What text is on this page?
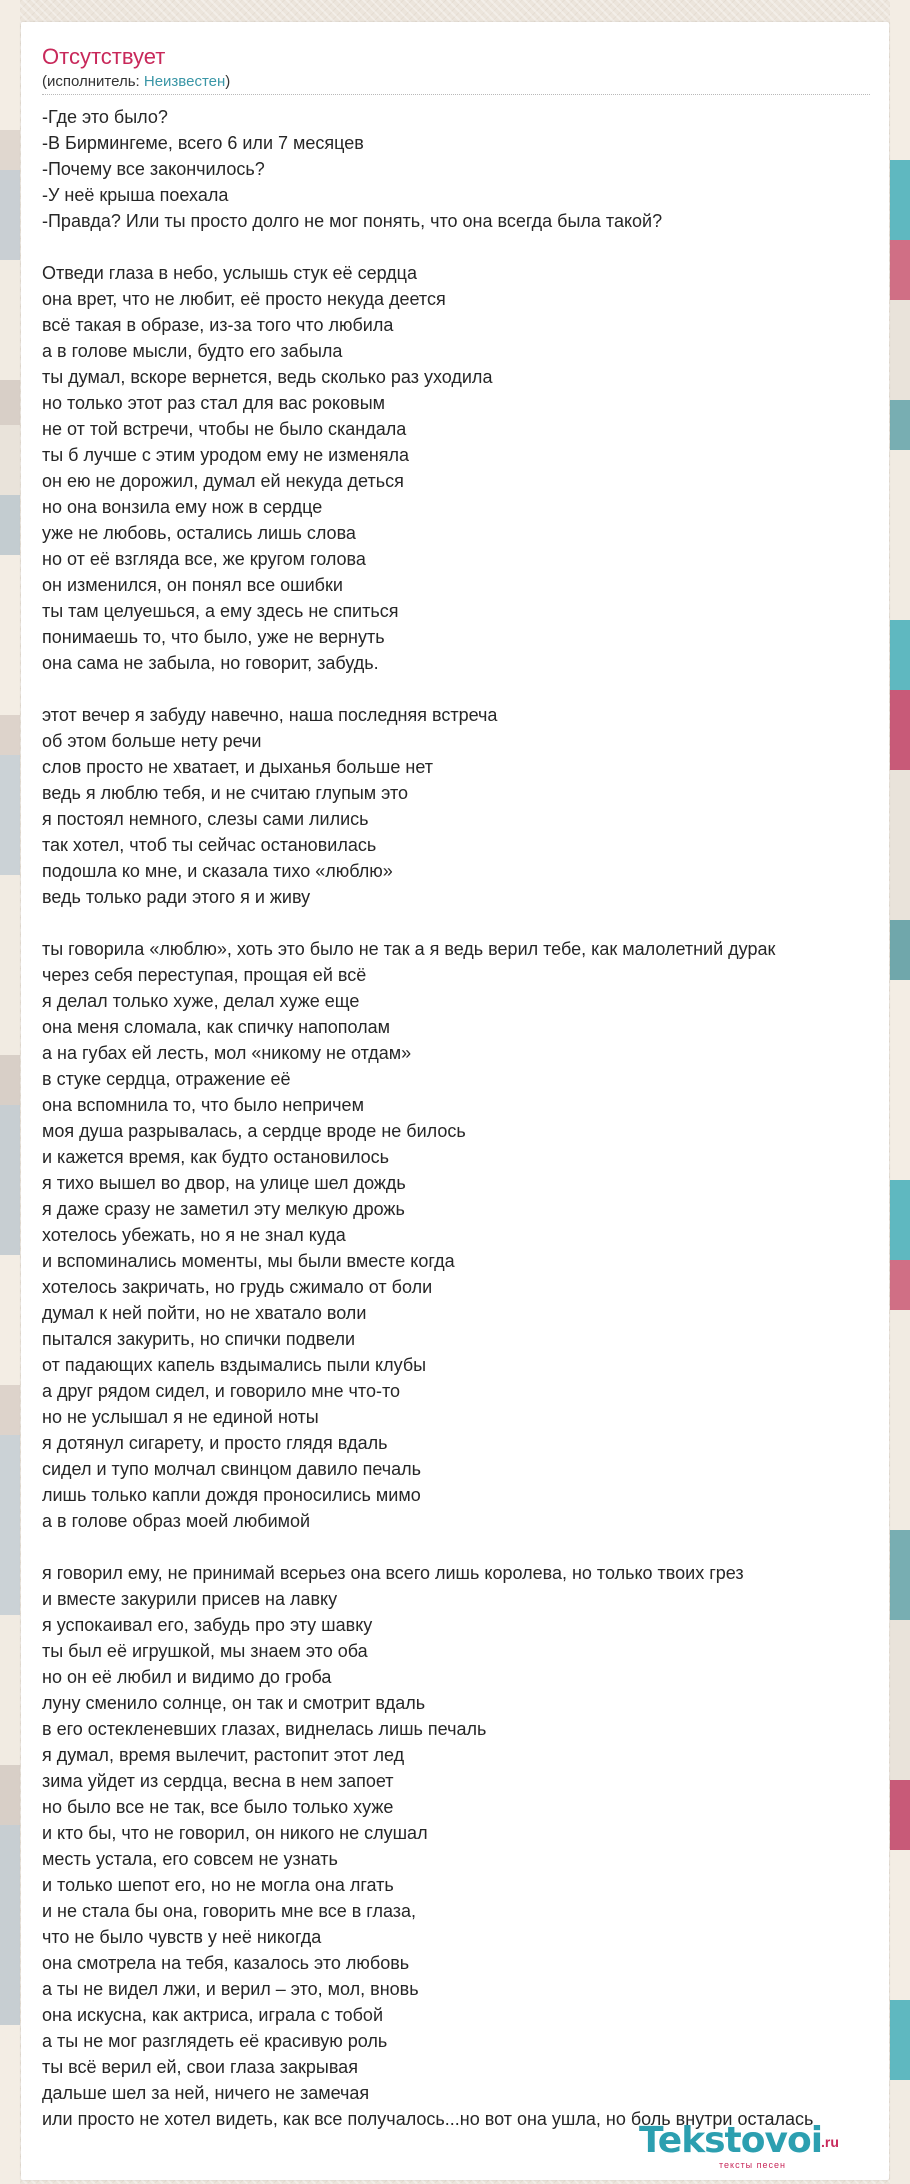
Отсутствует
(исполнитель: Неизвестен)
-Где это было?
-В Бирмингеме, всего 6 или 7 месяцев
-Почему все закончилось?
-У неё крыша поехала
-Правда? Или ты просто долго не мог понять, что она всегда была такой?
Отведи глаза в небо, услышь стук её сердца
она врет, что не любит, её просто некуда деется
всё такая в образе, из-за того что любила
а в голове мысли, будто его забыла
ты думал, вскоре вернется, ведь сколько раз уходила
но только этот раз стал для вас роковым
не от той встречи, чтобы не было скандала
ты б лучше с этим уродом ему не изменяла
он ею не дорожил, думал ей некуда деться
но она вонзила ему нож в сердце
уже не любовь, остались лишь слова
но от её взгляда все, же кругом голова
он изменился, он понял все ошибки
ты там целуешься, а ему здесь не спиться
понимаешь то, что было, уже не вернуть
она сама не забыла, но говорит, забудь.
этот вечер я забуду навечно, наша последняя встреча
об этом больше нету речи
слов просто не хватает, и дыханья больше нет
ведь я люблю тебя, и не считаю глупым это
я постоял немного, слезы сами лились
так хотел, чтоб ты сейчас остановилась
подошла ко мне, и сказала тихо «люблю»
ведь только ради этого я и живу
ты говорила «люблю», хоть это было не так а я ведь верил тебе, как малолетний дурак
через себя переступая, прощая ей всё
я делал только хуже, делал хуже еще
она меня сломала, как спичку напополам
а на губах ей лесть, мол «никому не отдам»
в стуке сердца, отражение её
она вспомнила то, что было непричем
моя душа разрывалась, а сердце вроде не билось
и кажется время, как будто остановилось
я тихо вышел во двор, на улице шел дождь
я даже сразу не заметил эту мелкую дрожь
хотелось убежать, но я не знал куда
и вспоминались моменты, мы были вместе когда
хотелось закричать, но грудь сжимало от боли
думал к ней пойти, но не хватало воли
пытался закурить, но спички подвели
от падающих капель вздымались пыли клубы
а друг рядом сидел, и говорило мне что-то
но не услышал я не единой ноты
я дотянул сигарету, и просто глядя вдаль
сидел и тупо молчал свинцом давило печаль
лишь только капли дождя проносились мимо
а в голове образ моей любимой
я говорил ему, не принимай всерьез она всего лишь королева, но только твоих грез
и вместе закурили присев на лавку
я успокаивал его, забудь про эту шавку
ты был её игрушкой, мы знаем это оба
но он её любил и видимо до гроба
луну сменило солнце, он так и смотрит вдаль
в его остекленевших глазах, виднелась лишь печаль
я думал, время вылечит, растопит этот лед
зима уйдет из сердца, весна в нем запоет
но было все не так, все было только хуже
и кто бы, что не говорил, он никого не слушал
месть устала, его совсем не узнать
и только шепот его, но не могла она лгать
и не стала бы она, говорить мне все в глаза,
что не было чувств у неё никогда
она смотрела на тебя, казалось это любовь
а ты не видел лжи, и верил – это, мол, вновь
она искусна, как актриса, играла с тобой
а ты не мог разглядеть её красивую роль
ты всё верил ей, свои глаза закрывая
дальше шел за ней, ничего не замечая
или просто не хотел видеть, как все получалось...но вот она ушла, но боль внутри осталась
Tekstovoi
.ru
тексты песен
